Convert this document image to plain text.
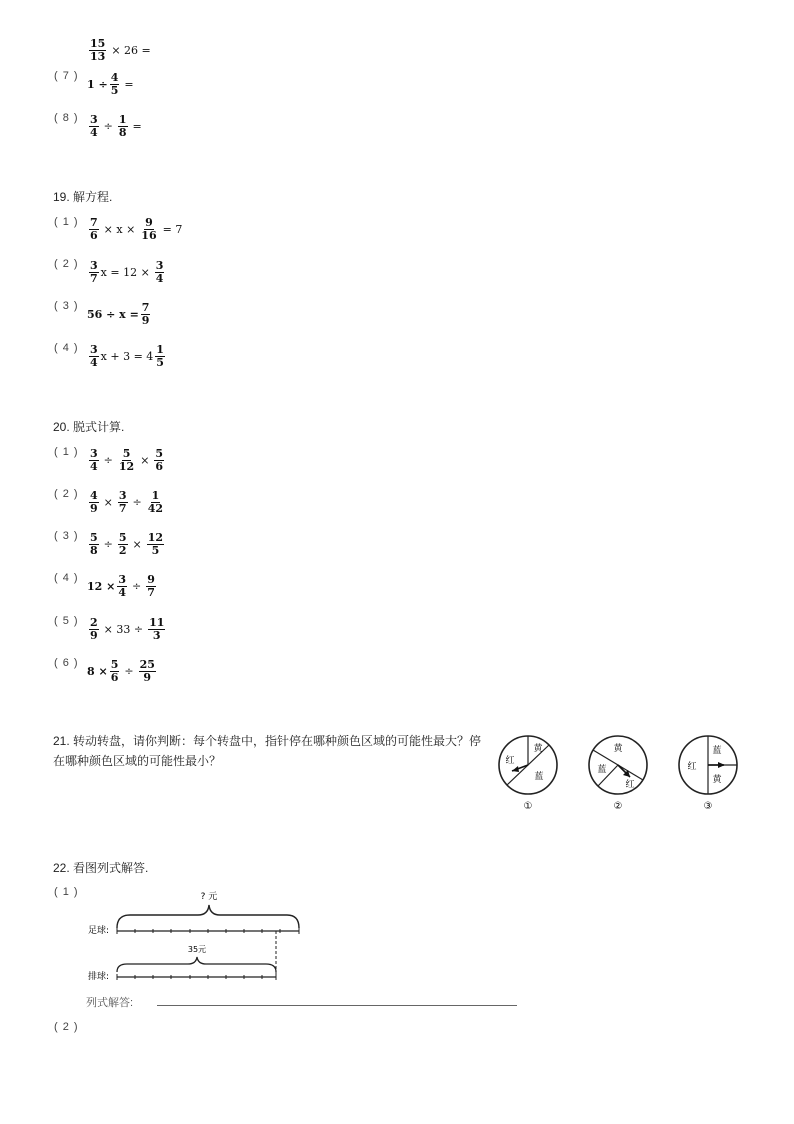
$\frac{15}{13} \times 26$ =
( 7 )
$1 \div \frac{4}{5}$ =
( 8 ) $\frac{3}{4} \div \frac{1}{8}$ =
19. 解方程.
( 1 ) $\frac{7}{6} \times x \times \frac{9}{16} = 7$
( 2 ) $\frac{3}{7}$ $x = 12 \times \frac{3}{4}$
( 3 )
$56 \div x = \frac{7}{9}$
( 4 ) $\frac{3}{4}$ $x + 3 = 4 \frac{1}{5}$
20. 脱式计算.
( 1 ) $\frac{3}{4} \div \frac{5}{12} \times \frac{5}{6}$
( 2 ) $\frac{4}{9} \times \frac{3}{7} \div \frac{1}{42}$
( 3 ) $\frac{5}{8} \div \frac{5}{2} \times \frac{12}{5}$
( 4 )
$12 \times \frac{3}{4} \div \frac{9}{7}$
( 5 ) $\frac{2}{9} \times 33 \div \frac{11}{3}$
( 6 )
$8 \times \frac{5}{6} \div \frac{25}{9}$
21. 转动转盘，请你判断：每个转盘中，指针停在哪种颜色区域的可能性最大？停在哪种颜色区域的可能性最小？
黄
红
蓝
①
黄
蓝
红
②
蓝
红
黄
③
22. 看图列式解答.
( 1 )	? 元
足球:
35元
排球:
列式解答:
( 2 )
